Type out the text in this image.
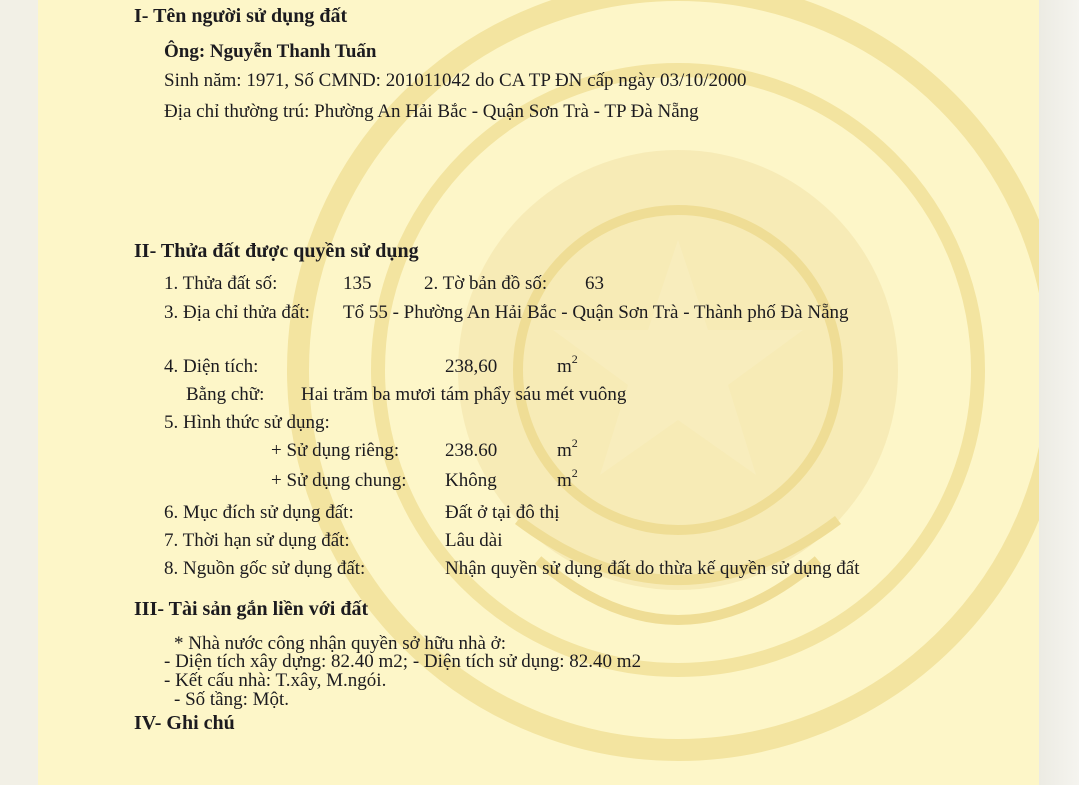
I- Tên người sử dụng đất
Ông: Nguyễn Thanh Tuấn
Sinh năm: 1971, Số CMND: 201011042 do CA TP ĐN cấp ngày 03/10/2000
Địa chỉ thường trú: Phường An Hải Bắc - Quận Sơn Trà - TP Đà Nẵng
II- Thửa đất được quyền sử dụng
1. Thửa đất số:	135	2. Tờ bản đồ số: 63
3. Địa chỉ thửa đất: Tổ 55 - Phường An Hải Bắc - Quận Sơn Trà - Thành phố Đà Nẵng
4. Diện tích:	238,60	$m^2$
Bằng chữ: Hai trăm ba mươi tám phẩy sáu mét vuông
5. Hình thức sử dụng:
+ Sử dụng riêng: 238.60	$m^2$
+ Sử dụng chung: Không	$m^2$
6. Mục đích sử dụng đất:	Đất ở tại đô thị
7. Thời hạn sử dụng đất:	Lâu dài
8. Nguồn gốc sử dụng đất:	Nhận quyền sử dụng đất do thừa kế quyền sử dụng đất
III- Tài sản gắn liền với đất
* Nhà nước công nhận quyền sở hữu nhà ở:
- Diện tích xây dựng: 82.40 m2; - Diện tích sử dụng: 82.40 m2
- Kết cấu nhà: T.xây, M.ngói.
- Số tầng: Một.
IV- Ghi chú
